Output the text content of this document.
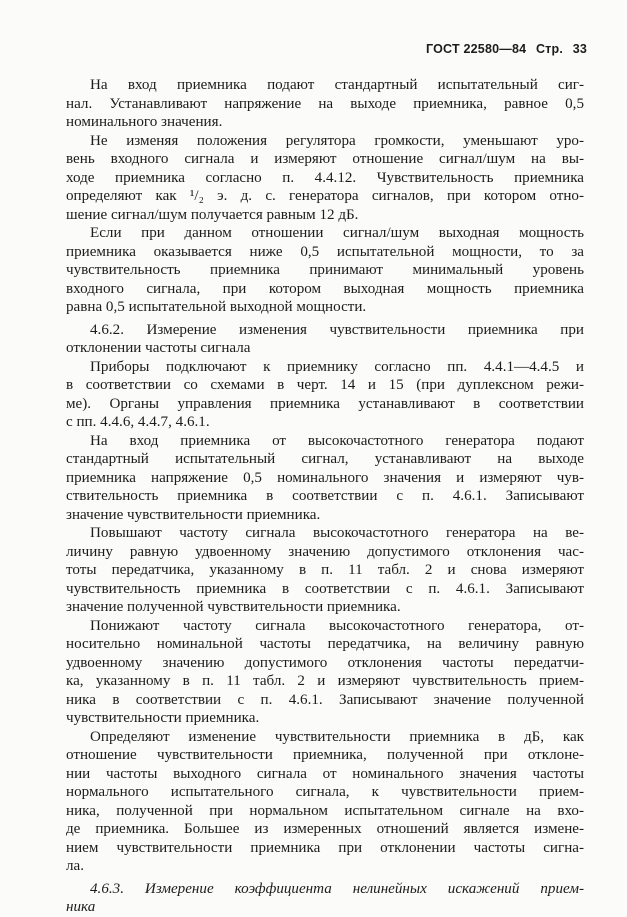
ГОСТ 22580—84 Стр. 33
На вход приемника подают стандартный испытательный сиг-
нал. Устанавливают напряжение на выходе приемника, равное 0,5
номинального значения.
Не изменяя положения регулятора громкости, уменьшают уро-
вень входного сигнала и измеряют отношение сигнал/шум на вы-
ходе приемника согласно п. 4.4.12. Чувствительность приемника
определяют как ¹/₂ э. д. с. генератора сигналов, при котором отно-
шение сигнал/шум получается равным 12 дБ.
Если при данном отношении сигнал/шум выходная мощность
приемника оказывается ниже 0,5 испытательной мощности, то за
чувствительность приемника принимают минимальный уровень
входного сигнала, при котором выходная мощность приемника
равна 0,5 испытательной выходной мощности.
4.6.2. Измерение изменения чувствительности приемника при
отклонении частоты сигнала
Приборы подключают к приемнику согласно пп. 4.4.1—4.4.5 и
в соответствии со схемами в черт. 14 и 15 (при дуплексном режи-
ме). Органы управления приемника устанавливают в соответствии
с пп. 4.4.6, 4.4.7, 4.6.1.
На вход приемника от высокочастотного генератора подают
стандартный испытательный сигнал, устанавливают на выходе
приемника напряжение 0,5 номинального значения и измеряют чув-
ствительность приемника в соответствии с п. 4.6.1. Записывают
значение чувствительности приемника.
Повышают частоту сигнала высокочастотного генератора на ве-
личину равную удвоенному значению допустимого отклонения час-
тоты передатчика, указанному в п. 11 табл. 2 и снова измеряют
чувствительность приемника в соответствии с п. 4.6.1. Записывают
значение полученной чувствительности приемника.
Понижают частоту сигнала высокочастотного генератора, от-
носительно номинальной частоты передатчика, на величину равную
удвоенному значению допустимого отклонения частоты передатчи-
ка, указанному в п. 11 табл. 2 и измеряют чувствительность прием-
ника в соответствии с п. 4.6.1. Записывают значение полученной
чувствительности приемника.
Определяют изменение чувствительности приемника в дБ, как
отношение чувствительности приемника, полученной при отклоне-
нии частоты выходного сигнала от номинального значения частоты
нормального испытательного сигнала, к чувствительности прием-
ника, полученной при нормальном испытательном сигнале на вхо-
де приемника. Большее из измеренных отношений является измене-
нием чувствительности приемника при отклонении частоты сигна-
ла.
4.6.3. Измерение коэффициента нелинейных искажений прием-
ника
